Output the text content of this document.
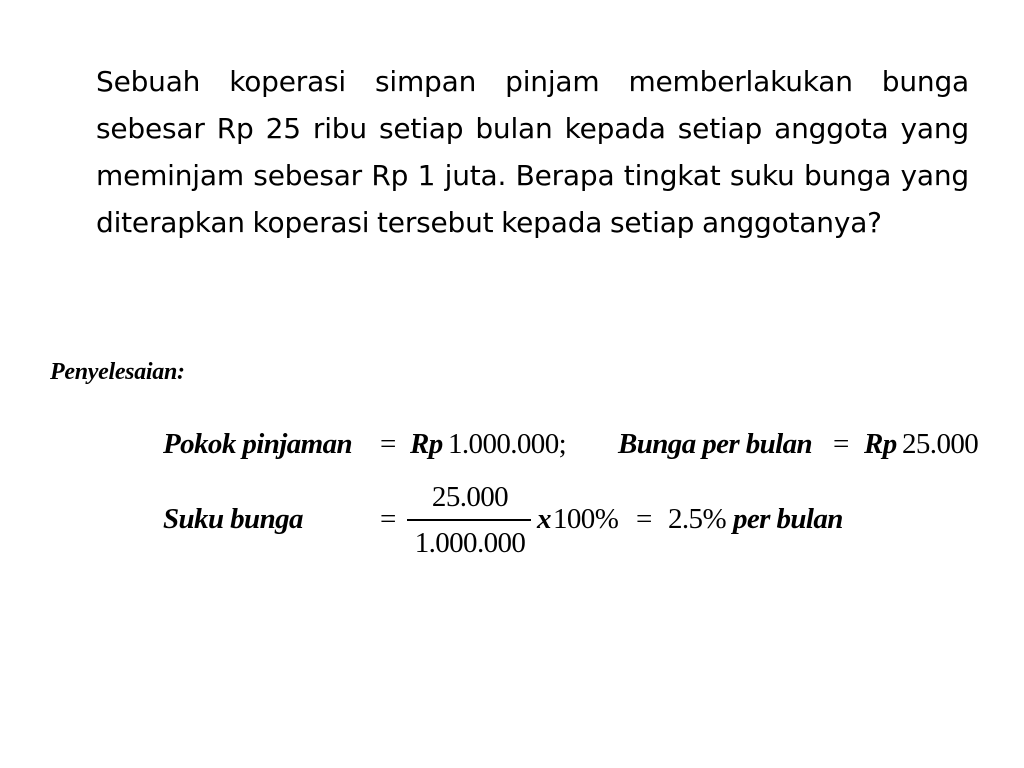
Sebuah koperasi simpan pinjam memberlakukan bunga sebesar Rp 25 ribu setiap bulan kepada setiap anggota yang meminjam sebesar Rp 1 juta. Berapa tingkat suku bunga yang diterapkan koperasi tersebut kepada setiap anggotanya?

Penyelesaian:

Pokok pinjaman = Rp 1.000.000; Bunga per bulan = Rp 25.000
Suku bunga	=
25.000
1.000.000
x 100% = 2.5% per bulan
